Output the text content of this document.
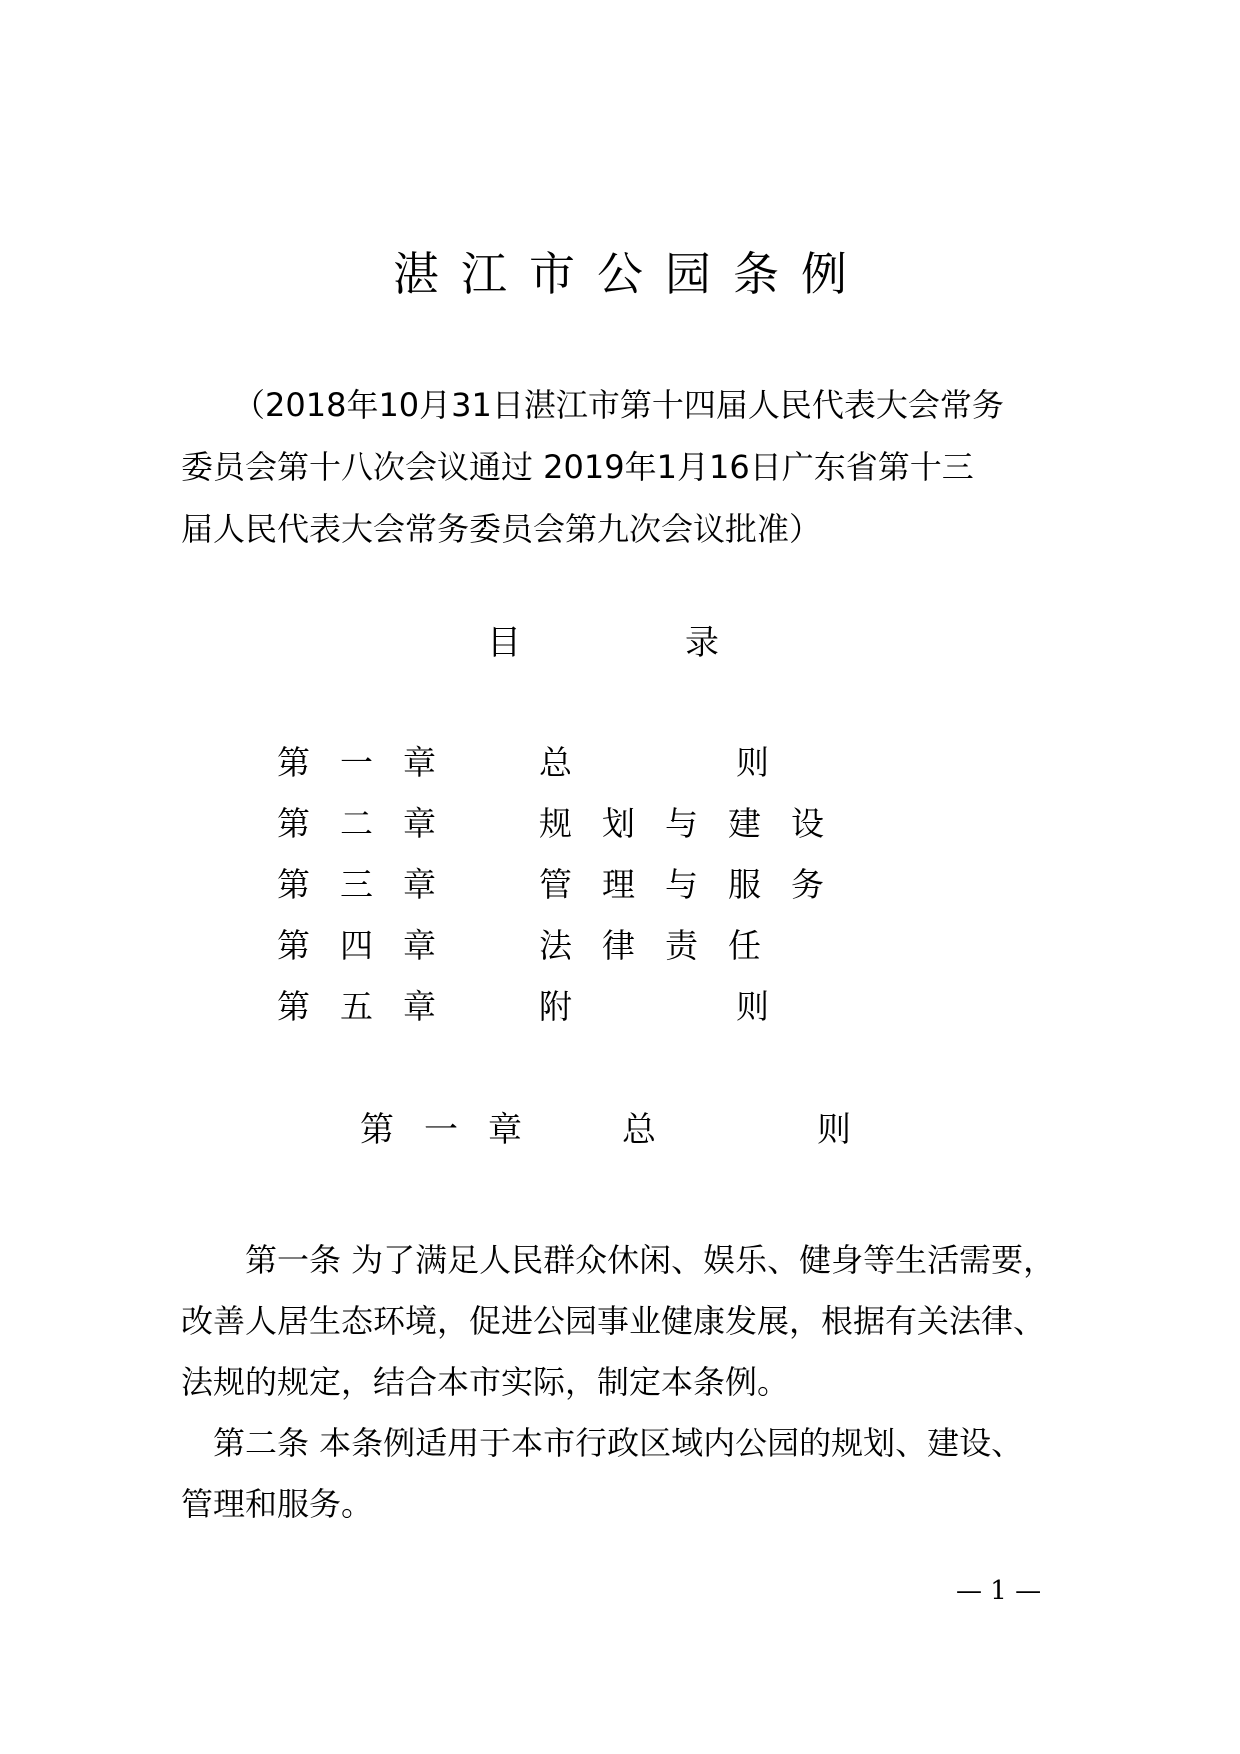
湛江市公园条例
（2018年10月31日湛江市第十四届人民代表大会常务
委员会第十八次会议通过 2019年1月16日广东省第十三
届人民代表大会常务委员会第九次会议批准）
目	录
第一章 总	则
第二章 规划与建设
第三章 管理与服务
第四章 法律责任
第五章 附	则
第一章 总	则
第一条 为了满足人民群众休闲、娱乐、健身等生活需要，
改善人居生态环境，促进公园事业健康发展，根据有关法律、
法规的规定，结合本市实际，制定本条例。
第二条 本条例适用于本市行政区域内公园的规划、建设、
管理和服务。
— 1 —
